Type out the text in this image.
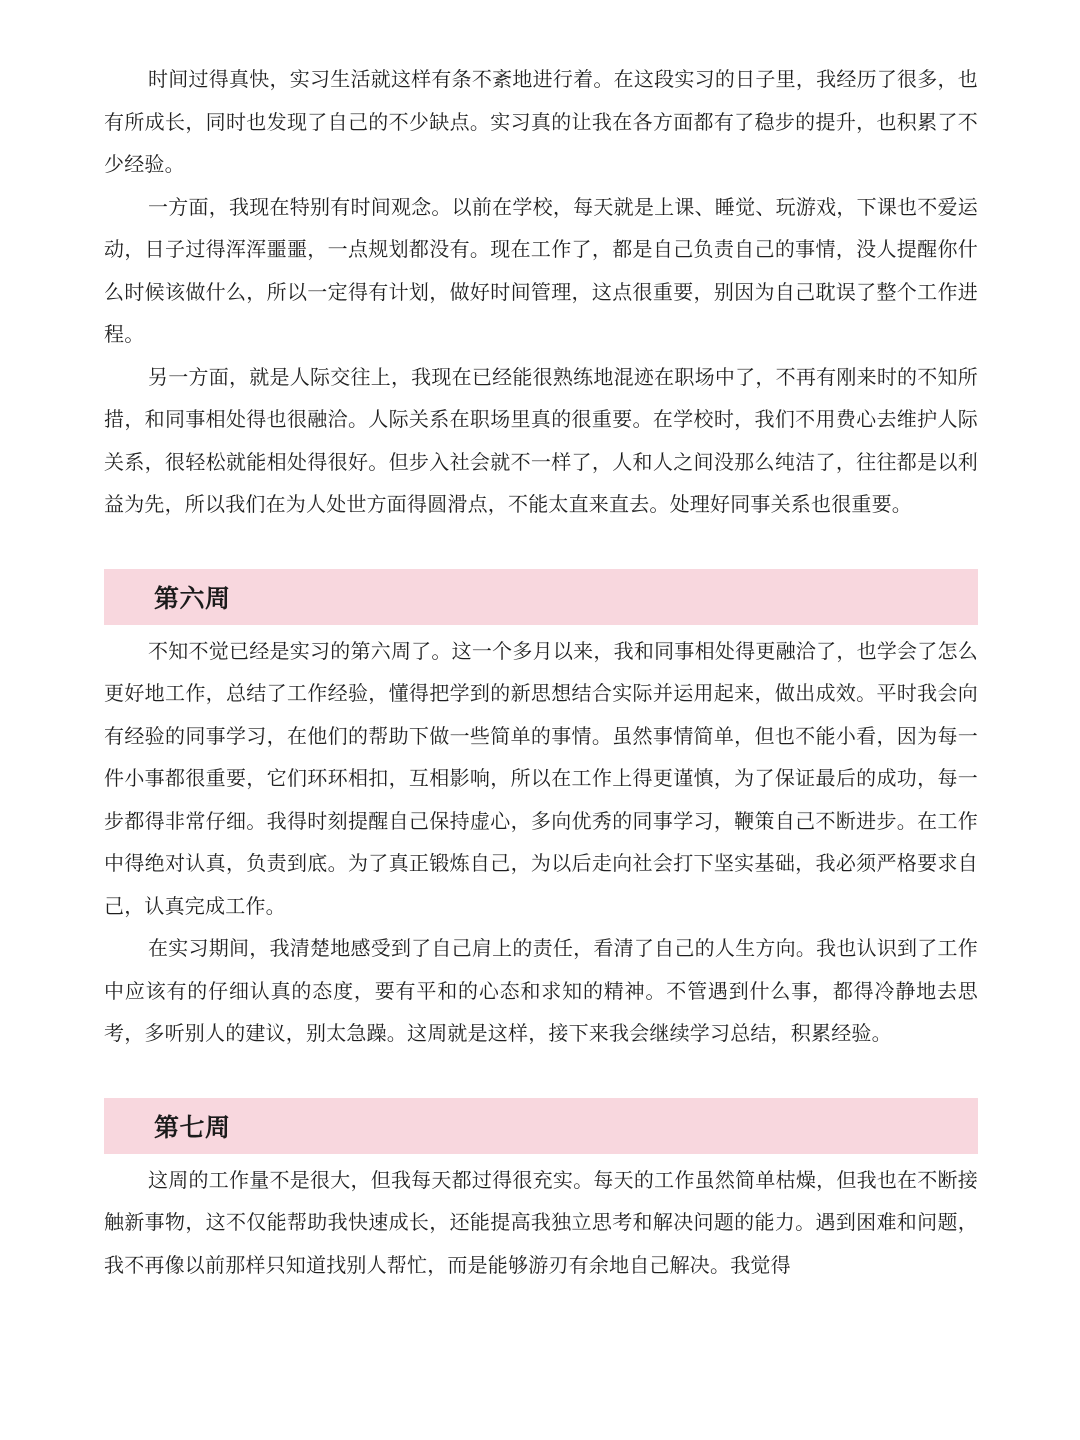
时间过得真快，实习生活就这样有条不紊地进行着。在这段实习的日子里，我经历了很多，也有所成长，同时也发现了自己的不少缺点。实习真的让我在各方面都有了稳步的提升，也积累了不少经验。

一方面，我现在特别有时间观念。以前在学校，每天就是上课、睡觉、玩游戏，下课也不爱运动，日子过得浑浑噩噩，一点规划都没有。现在工作了，都是自己负责自己的事情，没人提醒你什么时候该做什么，所以一定得有计划，做好时间管理，这点很重要，别因为自己耽误了整个工作进程。

另一方面，就是人际交往上，我现在已经能很熟练地混迹在职场中了，不再有刚来时的不知所措，和同事相处得也很融洽。人际关系在职场里真的很重要。在学校时，我们不用费心去维护人际关系，很轻松就能相处得很好。但步入社会就不一样了，人和人之间没那么纯洁了，往往都是以利益为先，所以我们在为人处世方面得圆滑点，不能太直来直去。处理好同事关系也很重要。

第六周

不知不觉已经是实习的第六周了。这一个多月以来，我和同事相处得更融洽了，也学会了怎么更好地工作，总结了工作经验，懂得把学到的新思想结合实际并运用起来，做出成效。平时我会向有经验的同事学习，在他们的帮助下做一些简单的事情。虽然事情简单，但也不能小看，因为每一件小事都很重要，它们环环相扣，互相影响，所以在工作上得更谨慎，为了保证最后的成功，每一步都得非常仔细。我得时刻提醒自己保持虚心，多向优秀的同事学习，鞭策自己不断进步。在工作中得绝对认真，负责到底。为了真正锻炼自己，为以后走向社会打下坚实基础，我必须严格要求自己，认真完成工作。

在实习期间，我清楚地感受到了自己肩上的责任，看清了自己的人生方向。我也认识到了工作中应该有的仔细认真的态度，要有平和的心态和求知的精神。不管遇到什么事，都得冷静地去思考，多听别人的建议，别太急躁。这周就是这样，接下来我会继续学习总结，积累经验。

第七周

这周的工作量不是很大，但我每天都过得很充实。每天的工作虽然简单枯燥，但我也在不断接触新事物，这不仅能帮助我快速成长，还能提高我独立思考和解决问题的能力。遇到困难和问题，我不再像以前那样只知道找别人帮忙，而是能够游刃有余地自己解决。我觉得
